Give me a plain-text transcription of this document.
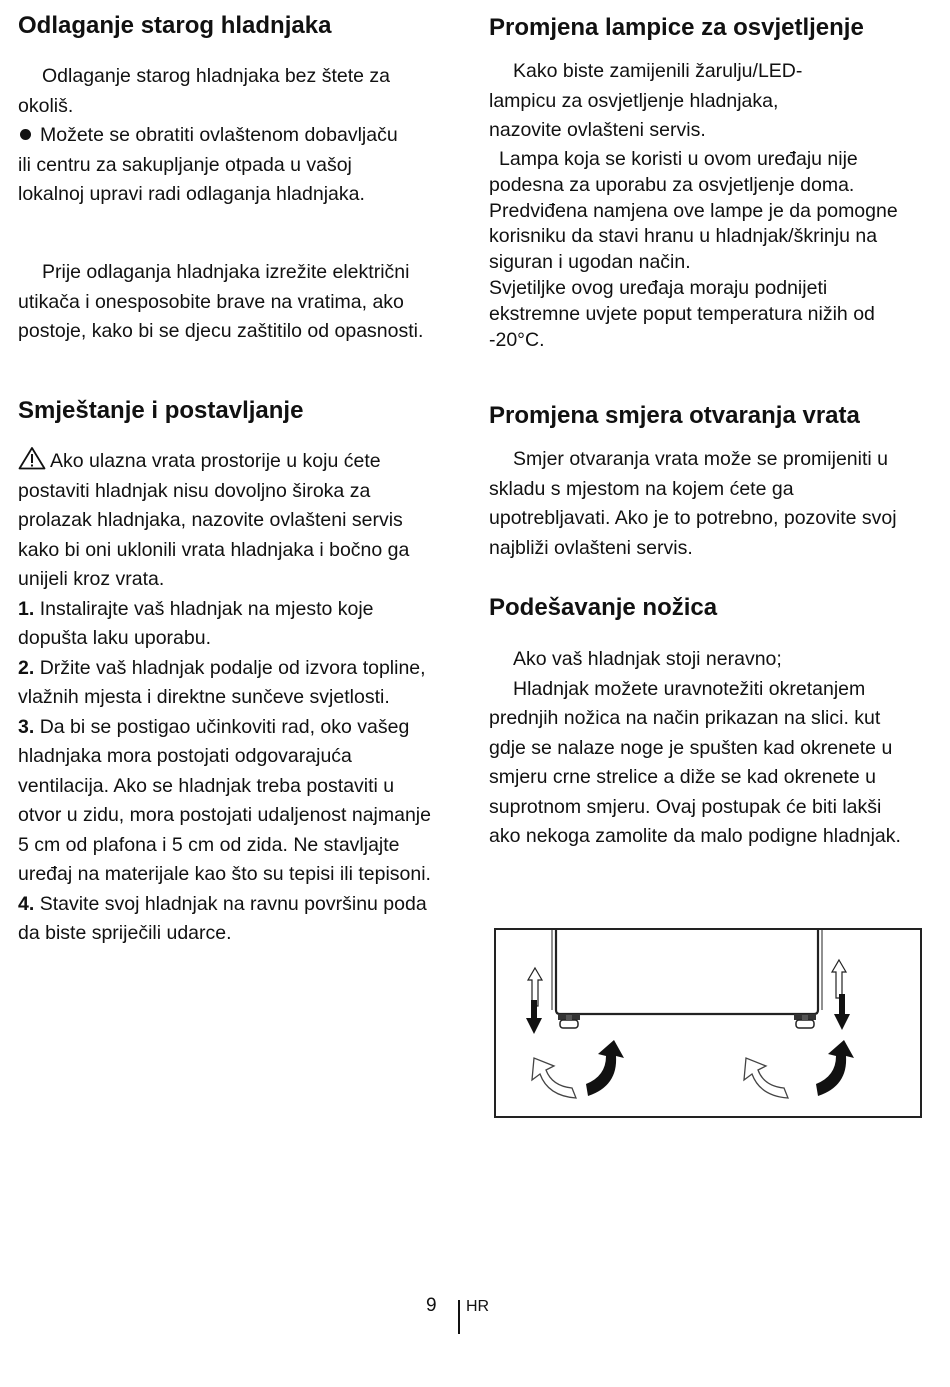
Odlaganje starog hladnjaka

Odlaganje starog hladnjaka bez štete za okoliš.

Možete se obratiti ovlaštenom dobavljaču ili centru za sakupljanje otpada u vašoj lokalnoj upravi radi odlaganja hladnjaka.

Prije odlaganja hladnjaka izrežite električni utikača i onesposobite brave na vratima, ako postoje, kako bi se djecu zaštitilo od opasnosti.

Smještanje i postavljanje
Ako ulazna vrata prostorije u koju ćete postaviti hladnjak nisu dovoljno široka za prolazak hladnjaka, nazovite ovlašteni servis kako bi oni uklonili vrata hladnjaka i bočno ga unijeli kroz vrata.
1. Instalirajte vaš hladnjak na mjesto koje dopušta laku uporabu.
2. Držite vaš hladnjak podalje od izvora topline, vlažnih mjesta i direktne sunčeve svjetlosti.
3. Da bi se postigao učinkoviti rad, oko vašeg hladnjaka mora postojati odgovarajuća ventilacija. Ako se hladnjak treba postaviti u otvor u zidu, mora postojati udaljenost najmanje 5 cm od plafona i 5 cm od zida. Ne stavljajte uređaj na materijale kao što su tepisi ili tepisoni.
4. Stavite svoj hladnjak na ravnu površinu poda da biste spriječili udarce.
Promjena lampice za osvjetljenje

Kako biste zamijenili žarulju/LED-lampicu za osvjetljenje hladnjaka, nazovite ovlašteni servis.

Lampa koja se koristi u ovom uređaju nije podesna za uporabu za osvjetljenje doma. Predviđena namjena ove lampe je da pomogne korisniku da stavi hranu u hladnjak/škrinju na siguran i ugodan način.
Svjetiljke ovog uređaja moraju podnijeti ekstremne uvjete poput temperatura nižih od -20°C.
Promjena smjera otvaranja vrata

Smjer otvaranja vrata može se promijeniti u skladu s mjestom na kojem ćete ga upotrebljavati. Ako je to potrebno, pozovite svoj najbliži ovlašteni servis.

Podešavanje nožica
Ako vaš hladnjak stoji neravno;
Hladnjak možete uravnotežiti okretanjem prednjih nožica na način prikazan na slici. kut gdje se nalaze noge je spušten kad okrenete u smjeru crne strelice a diže se kad okrenete u suprotnom smjeru. Ovaj postupak će biti lakši ako nekoga zamolite da malo podigne hladnjak.
9 HR
